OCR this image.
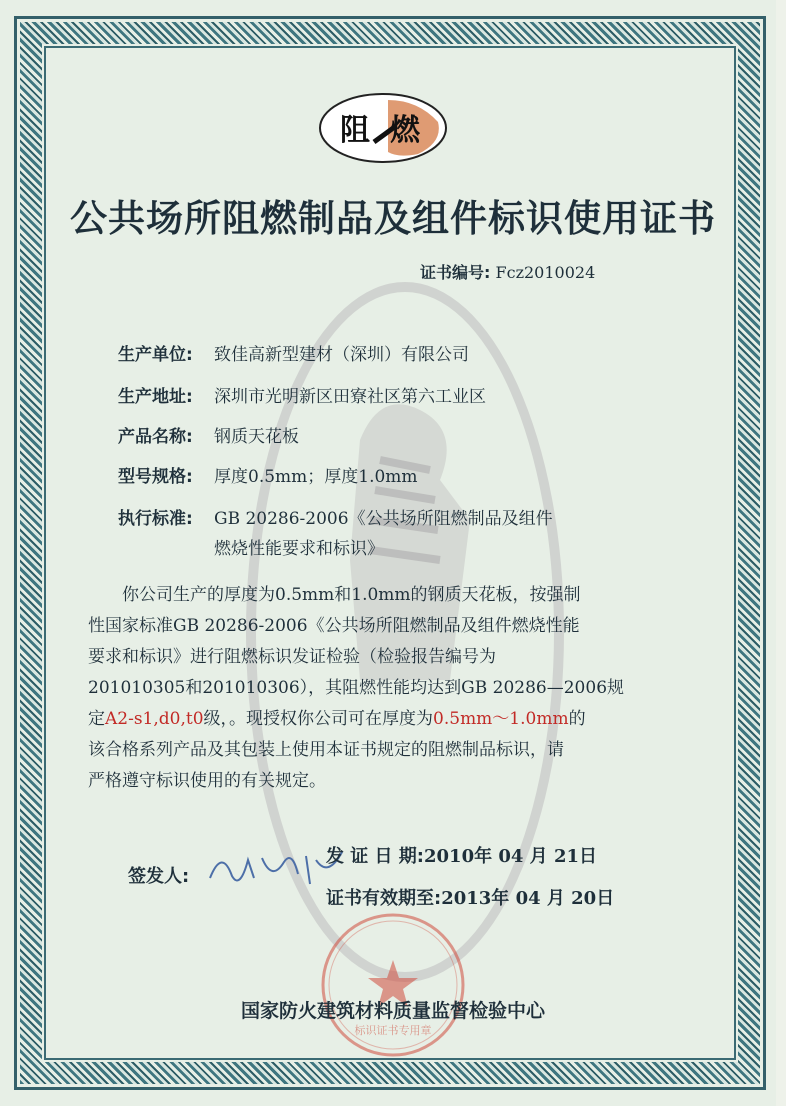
阻 燃
公共场所阻燃制品及组件标识使用证书
证书编号: Fcz2010024
生产单位: 致佳高新型建材（深圳）有限公司
生产地址: 深圳市光明新区田寮社区第六工业区
产品名称: 钢质天花板
型号规格: 厚度0.5mm；厚度1.0mm
执行标准: GB 20286-2006《公共场所阻燃制品及组件
燃烧性能要求和标识》
你公司生产的厚度为0.5mm和1.0mm的钢质天花板，按强制
性国家标准GB 20286-2006《公共场所阻燃制品及组件燃烧性能
要求和标识》进行阻燃标识发证检验（检验报告编号为
201010305和201010306），其阻燃性能均达到GB 20286—2006规
定A2-s1,d0,t0级，。现授权你公司可在厚度为0.5mm～1.0mm的
该合格系列产品及其包装上使用本证书规定的阻燃制品标识，请
严格遵守标识使用的有关规定。
签发人:
发 证 日 期:2010年 04 月 21日
证书有效期至:2013年 04 月 20日
标识证书专用章
国家防火建筑材料质量监督检验中心
